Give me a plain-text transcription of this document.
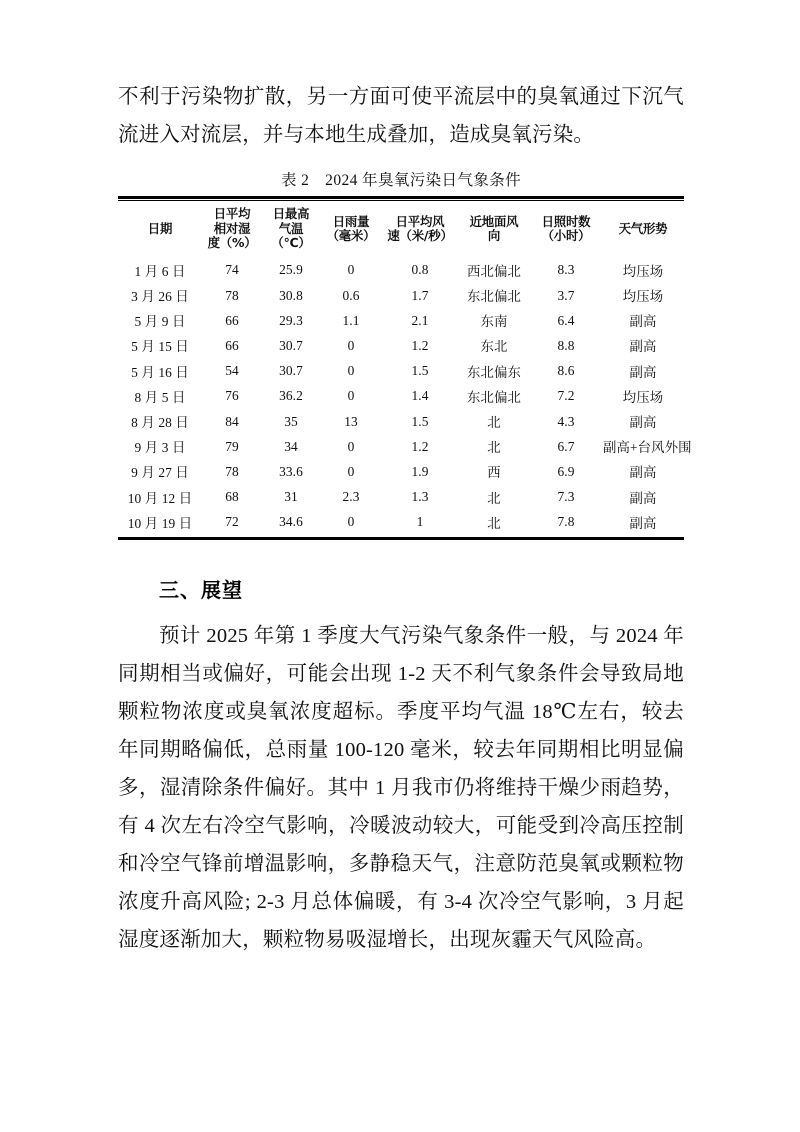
不利于污染物扩散，另一方面可使平流层中的臭氧通过下沉气流进入对流层，并与本地生成叠加，造成臭氧污染。

表 2　2024 年臭氧污染日气象条件
日期	日平均
相对湿
度（%）	日最高
气温
（℃）	日雨量
（毫米）	日平均风
速（米/秒）	近地面风
向	日照时数
（小时）	天气形势
1 月 6 日	74	25.9	0	0.8	西北偏北	8.3	均压场
3 月 26 日	78	30.8	0.6	1.7	东北偏北	3.7	均压场
5 月 9 日	66	29.3	1.1	2.1	东南	6.4	副高
5 月 15 日	66	30.7	0	1.2	东北	8.8	副高
5 月 16 日	54	30.7	0	1.5	东北偏东	8.6	副高
8 月 5 日	76	36.2	0	1.4	东北偏北	7.2	均压场
8 月 28 日	84	35	13	1.5	北	4.3	副高
9 月 3 日	79	34	0	1.2	北	6.7	副高+台风外围
9 月 27 日	78	33.6	0	1.9	西	6.9	副高
10 月 12 日	68	31	2.3	1.3	北	7.3	副高
10 月 19 日	72	34.6	0	1	北	7.8	副高
三、展望

预计 2025 年第 1 季度大气污染气象条件一般，与 2024 年同期相当或偏好，可能会出现 1-2 天不利气象条件会导致局地颗粒物浓度或臭氧浓度超标。季度平均气温 18℃左右，较去年同期略偏低，总雨量 100-120 毫米，较去年同期相比明显偏多，湿清除条件偏好。其中 1 月我市仍将维持干燥少雨趋势，有 4 次左右冷空气影响，冷暖波动较大，可能受到冷高压控制和冷空气锋前增温影响，多静稳天气，注意防范臭氧或颗粒物浓度升高风险; 2-3 月总体偏暖，有 3-4 次冷空气影响，3 月起湿度逐渐加大，颗粒物易吸湿增长，出现灰霾天气风险高。
